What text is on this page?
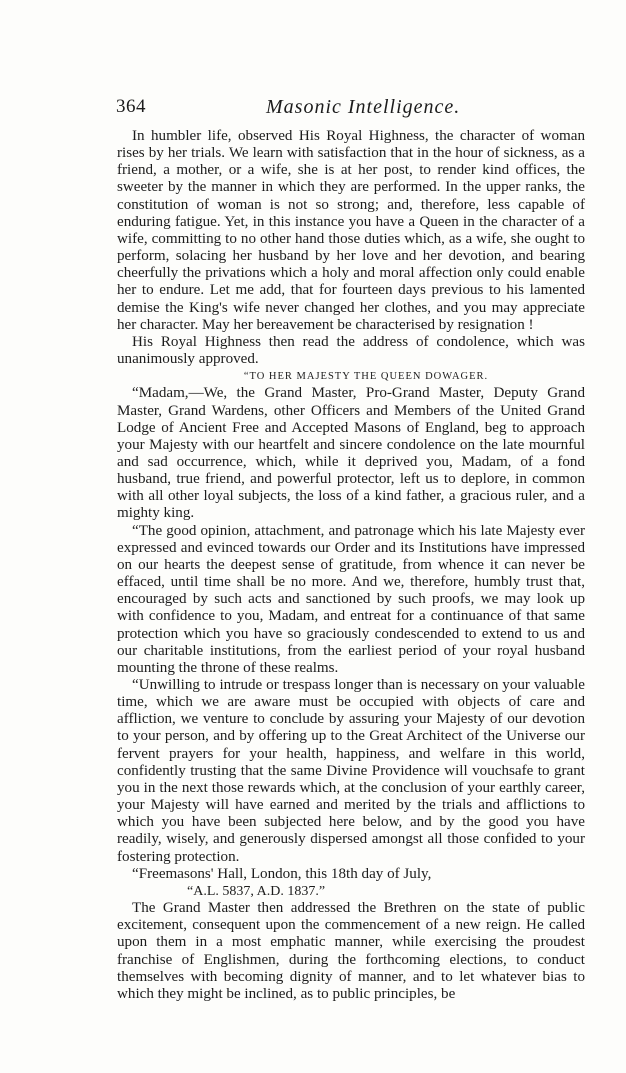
364	Masonic Intelligence.

In humbler life, observed His Royal Highness, the character of woman rises by her trials. We learn with satisfaction that in the hour of sickness, as a friend, a mother, or a wife, she is at her post, to render kind offices, the sweeter by the manner in which they are performed. In the upper ranks, the constitution of woman is not so strong; and, therefore, less capable of enduring fatigue. Yet, in this instance you have a Queen in the character of a wife, committing to no other hand those duties which, as a wife, she ought to perform, solacing her husband by her love and her devotion, and bearing cheerfully the privations which a holy and moral affection only could enable her to endure. Let me add, that for fourteen days previous to his lamented demise the King's wife never changed her clothes, and you may appreciate her character. May her bereavement be characterised by resignation !

His Royal Highness then read the address of condolence, which was unanimously approved.

“TO HER MAJESTY THE QUEEN DOWAGER.

“Madam,—We, the Grand Master, Pro-Grand Master, Deputy Grand Master, Grand Wardens, other Officers and Members of the United Grand Lodge of Ancient Free and Accepted Masons of England, beg to approach your Majesty with our heartfelt and sincere condolence on the late mournful and sad occurrence, which, while it deprived you, Madam, of a fond husband, true friend, and powerful protector, left us to deplore, in common with all other loyal subjects, the loss of a kind father, a gracious ruler, and a mighty king.

“The good opinion, attachment, and patronage which his late Majesty ever expressed and evinced towards our Order and its Institutions have impressed on our hearts the deepest sense of gratitude, from whence it can never be effaced, until time shall be no more. And we, therefore, humbly trust that, encouraged by such acts and sanctioned by such proofs, we may look up with confidence to you, Madam, and entreat for a continuance of that same protection which you have so graciously condescended to extend to us and our charitable institutions, from the earliest period of your royal husband mounting the throne of these realms.

“Unwilling to intrude or trespass longer than is necessary on your valuable time, which we are aware must be occupied with objects of care and affliction, we venture to conclude by assuring your Majesty of our devotion to your person, and by offering up to the Great Architect of the Universe our fervent prayers for your health, happiness, and welfare in this world, confidently trusting that the same Divine Providence will vouchsafe to grant you in the next those rewards which, at the conclusion of your earthly career, your Majesty will have earned and merited by the trials and afflictions to which you have been subjected here below, and by the good you have readily, wisely, and generously dispersed amongst all those confided to your fostering protection.

“Freemasons' Hall, London, this 18th day of July,

“A.L. 5837, A.D. 1837.”

The Grand Master then addressed the Brethren on the state of public excitement, consequent upon the commencement of a new reign. He called upon them in a most emphatic manner, while exercising the proudest franchise of Englishmen, during the forthcoming elections, to conduct themselves with becoming dignity of manner, and to let whatever bias to which they might be inclined, as to public principles, be
